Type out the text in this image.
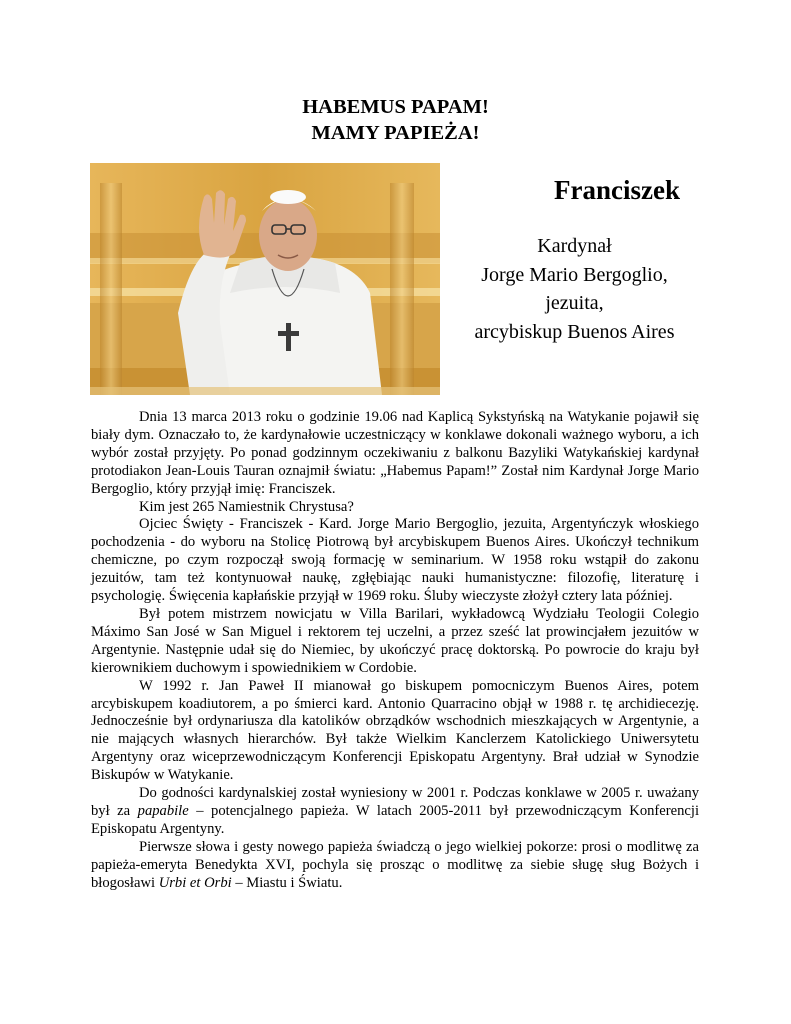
HABEMUS PAPAM!
MAMY PAPIEŻA!
Franciszek
Kardynał
Jorge Mario Bergoglio,
jezuita,
arcybiskup Buenos Aires

Dnia 13 marca 2013 roku o godzinie 19.06 nad Kaplicą Sykstyńską na Watykanie pojawił się biały dym. Oznaczało to, że kardynałowie uczestniczący w konklawe dokonali ważnego wyboru, a ich wybór został przyjęty. Po ponad godzinnym oczekiwaniu z balkonu Bazyliki Watykańskiej kardynał protodiakon Jean-Louis Tauran oznajmił światu: „Habemus Papam!” Został nim Kardynał Jorge Mario Bergoglio, który przyjął imię: Franciszek.

Kim jest 265 Namiestnik Chrystusa?

Ojciec Święty - Franciszek - Kard. Jorge Mario Bergoglio, jezuita, Argentyńczyk włoskiego pochodzenia - do wyboru na Stolicę Piotrową był arcybiskupem Buenos Aires. Ukończył technikum chemiczne, po czym rozpoczął swoją formację w seminarium. W 1958 roku wstąpił do zakonu jezuitów, tam też kontynuował naukę, zgłębiając nauki humanistyczne: filozofię, literaturę i psychologię. Święcenia kapłańskie przyjął w 1969 roku. Śluby wieczyste złożył cztery lata później.

Był potem mistrzem nowicjatu w Villa Barilari, wykładowcą Wydziału Teologii Colegio Máximo San José w San Miguel i rektorem tej uczelni, a przez sześć lat prowincjałem jezuitów w Argentynie. Następnie udał się do Niemiec, by ukończyć pracę doktorską. Po powrocie do kraju był kierownikiem duchowym i spowiednikiem w Cordobie.

W 1992 r. Jan Paweł II mianował go biskupem pomocniczym Buenos Aires, potem arcybiskupem koadiutorem, a po śmierci kard. Antonio Quarracino objął w 1988 r. tę archidiecezję. Jednocześnie był ordynariusza dla katolików obrządków wschodnich mieszkających w Argentynie, a nie mających własnych hierarchów. Był także Wielkim Kanclerzem Katolickiego Uniwersytetu Argentyny oraz wiceprzewodniczącym Konferencji Episkopatu Argentyny. Brał udział w Synodzie Biskupów w Watykanie.

Do godności kardynalskiej został wyniesiony w 2001 r. Podczas konklawe w 2005 r. uważany był za papabile – potencjalnego papieża. W latach 2005-2011 był przewodniczącym Konferencji Episkopatu Argentyny.

Pierwsze słowa i gesty nowego papieża świadczą o jego wielkiej pokorze: prosi o modlitwę za papieża-emeryta Benedykta XVI, pochyla się prosząc o modlitwę za siebie sługę sług Bożych i błogosławi Urbi et Orbi – Miastu i Światu.
